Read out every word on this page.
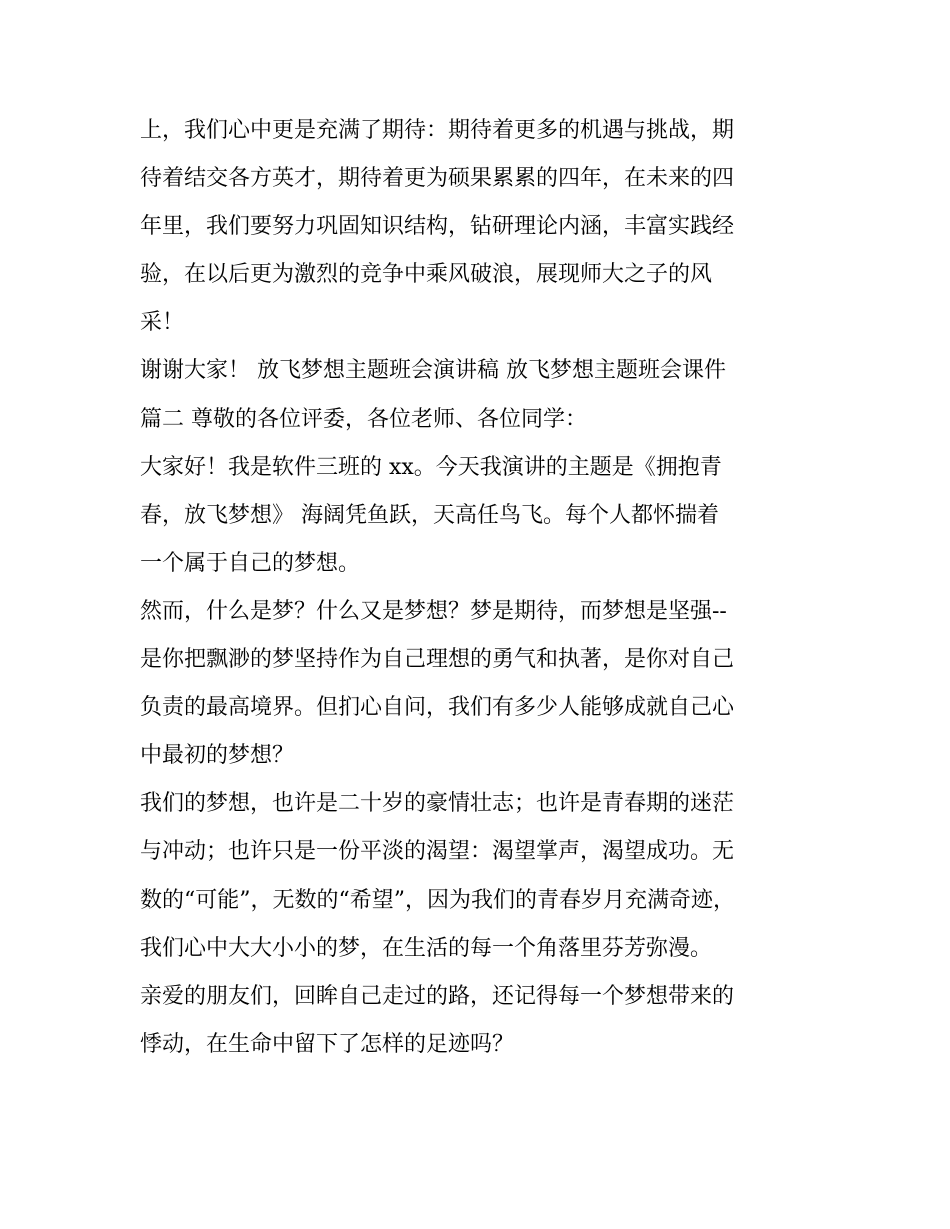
上，我们心中更是充满了期待：期待着更多的机遇与挑战，期
待着结交各方英才，期待着更为硕果累累的四年，在未来的四
年里，我们要努力巩固知识结构，钻研理论内涵，丰富实践经
验，在以后更为激烈的竞争中乘风破浪，展现师大之子的风
采！
谢谢大家！ 放飞梦想主题班会演讲稿 放飞梦想主题班会课件
篇二 尊敬的各位评委，各位老师、各位同学：
大家好！我是软件三班的 xx。今天我演讲的主题是《拥抱青
春，放飞梦想》 海阔凭鱼跃，天高任鸟飞。每个人都怀揣着
一个属于自己的梦想。
然而，什么是梦？什么又是梦想？梦是期待，而梦想是坚强--
是你把飘渺的梦坚持作为自己理想的勇气和执著，是你对自己
负责的最高境界。但扪心自问，我们有多少人能够成就自己心
中最初的梦想？
我们的梦想，也许是二十岁的豪情壮志；也许是青春期的迷茫
与冲动；也许只是一份平淡的渴望：渴望掌声，渴望成功。无
数的“可能”，无数的“希望”，因为我们的青春岁月充满奇迹，
我们心中大大小小的梦，在生活的每一个角落里芬芳弥漫。
亲爱的朋友们，回眸自己走过的路，还记得每一个梦想带来的
悸动，在生命中留下了怎样的足迹吗？
